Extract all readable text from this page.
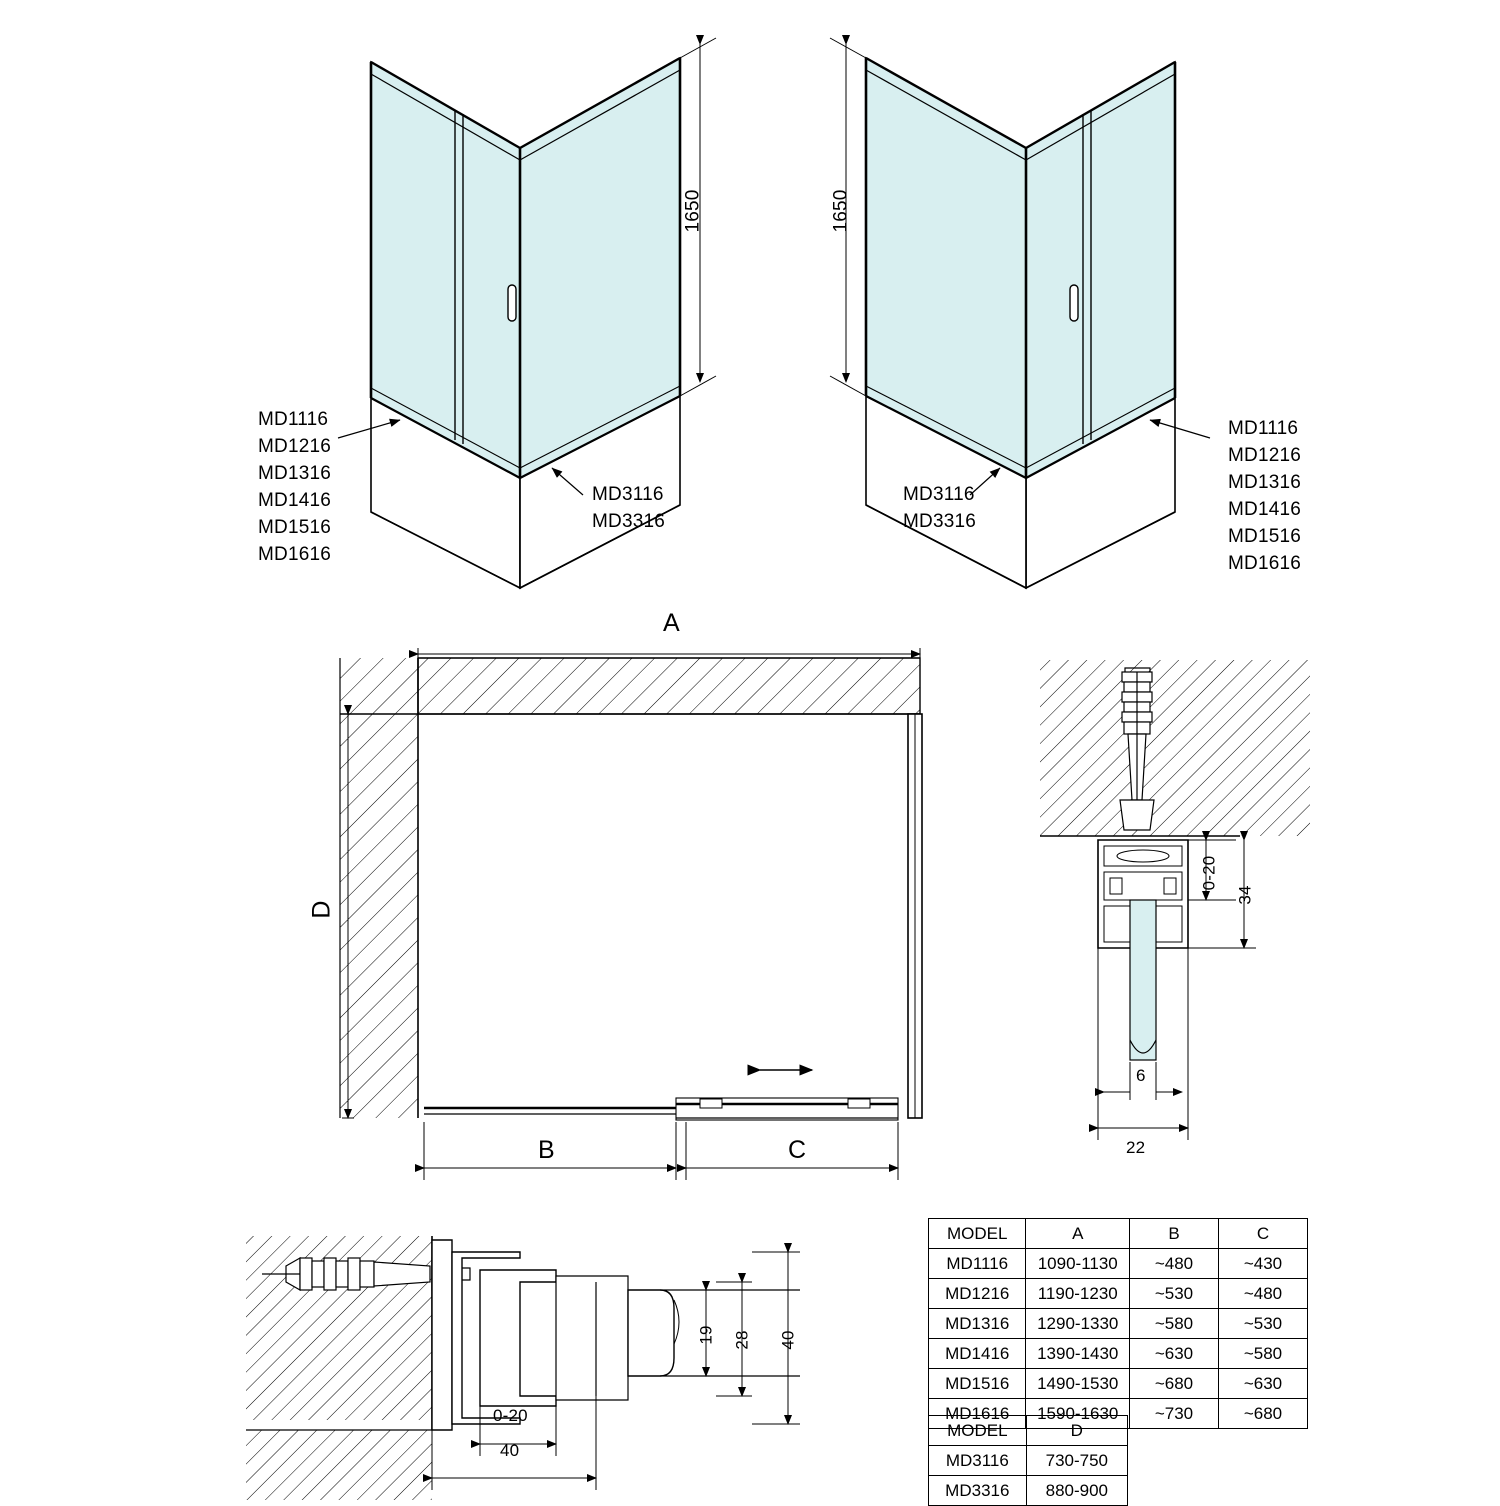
MD1116
MD1216
MD1316
MD1416
MD1516
MD1616
MD3116
MD3316
MD1116
MD1216
MD1316
MD1416
MD1516
MD1616
MD3116
MD3316
1650	1650
A
D
B	C
0-20
34
6
22
19 28 40
0-20
40
MODEL	A	B	C
MD1116	1090-1130	~480	~430
MD1216	1190-1230	~530	~480
MD1316	1290-1330	~580	~530
MD1416	1390-1430	~630	~580
MD1516	1490-1530	~680	~630
MD1616	1590-1630	~730	~680
MODEL	D
MD3116	730-750
MD3316	880-900
